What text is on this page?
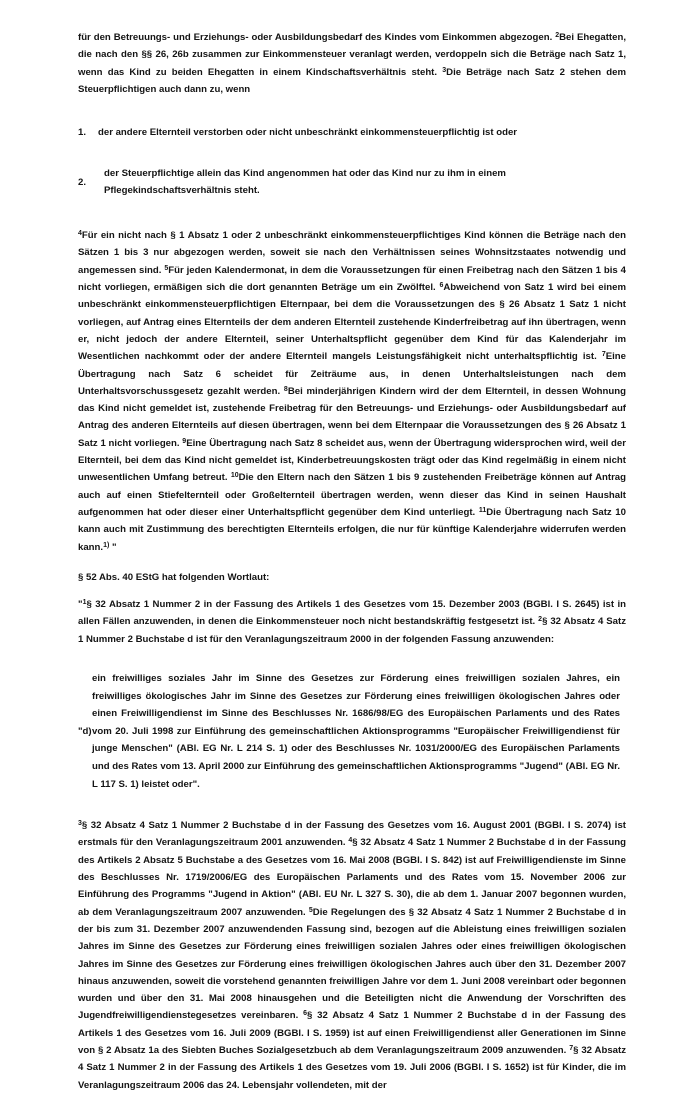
für den Betreuungs- und Erziehungs- oder Ausbildungsbedarf des Kindes vom Einkommen abgezogen. $^2$Bei Ehegatten, die nach den §§ 26, 26b zusammen zur Einkommensteuer veranlagt werden, verdoppeln sich die Beträge nach Satz 1, wenn das Kind zu beiden Ehegatten in einem Kindschaftsverhältnis steht. $^3$Die Beträge nach Satz 2 stehen dem Steuerpflichtigen auch dann zu, wenn

1.	der andere Elternteil verstorben oder nicht unbeschränkt einkommensteuerpflichtig ist oder
2.

der Steuerpflichtige allein das Kind angenommen hat oder das Kind nur zu ihm in einem Pflegekindschaftsverhältnis steht.

$^4$Für ein nicht nach § 1 Absatz 1 oder 2 unbeschränkt einkommensteuerpflichtiges Kind können die Beträge nach den Sätzen 1 bis 3 nur abgezogen werden, soweit sie nach den Verhältnissen seines Wohnsitzstaates notwendig und angemessen sind. $^5$Für jeden Kalendermonat, in dem die Voraussetzungen für einen Freibetrag nach den Sätzen 1 bis 4 nicht vorliegen, ermäßigen sich die dort genannten Beträge um ein Zwölftel. $^6$Abweichend von Satz 1 wird bei einem unbeschränkt einkommensteuerpflichtigen Elternpaar, bei dem die Voraussetzungen des § 26 Absatz 1 Satz 1 nicht vorliegen, auf Antrag eines Elternteils der dem anderen Elternteil zustehende Kinderfreibetrag auf ihn übertragen, wenn er, nicht jedoch der andere Elternteil, seiner Unterhaltspflicht gegenüber dem Kind für das Kalenderjahr im Wesentlichen nachkommt oder der andere Elternteil mangels Leistungsfähigkeit nicht unterhaltspflichtig ist. $^7$Eine Übertragung nach Satz 6 scheidet für Zeiträume aus, in denen Unterhaltsleistungen nach dem Unterhaltsvorschussgesetz gezahlt werden. $^8$Bei minderjährigen Kindern wird der dem Elternteil, in dessen Wohnung das Kind nicht gemeldet ist, zustehende Freibetrag für den Betreuungs- und Erziehungs- oder Ausbildungsbedarf auf Antrag des anderen Elternteils auf diesen übertragen, wenn bei dem Elternpaar die Voraussetzungen des § 26 Absatz 1 Satz 1 nicht vorliegen. $^9$Eine Übertragung nach Satz 8 scheidet aus, wenn der Übertragung widersprochen wird, weil der Elternteil, bei dem das Kind nicht gemeldet ist, Kinderbetreuungskosten trägt oder das Kind regelmäßig in einem nicht unwesentlichen Umfang betreut. $^{10}$Die den Eltern nach den Sätzen 1 bis 9 zustehenden Freibeträge können auf Antrag auch auf einen Stiefelternteil oder Großelternteil übertragen werden, wenn dieser das Kind in seinen Haushalt aufgenommen hat oder dieser einer Unterhaltspflicht gegenüber dem Kind unterliegt. $^{11}$Die Übertragung nach Satz 10 kann auch mit Zustimmung des berechtigten Elternteils erfolgen, die nur für künftige Kalenderjahre widerrufen werden kann.$^{1)}$ "

§ 52 Abs. 40 EStG hat folgenden Wortlaut:

"$^1$§ 32 Absatz 1 Nummer 2 in der Fassung des Artikels 1 des Gesetzes vom 15. Dezember 2003 (BGBl. I S. 2645) ist in allen Fällen anzuwenden, in denen die Einkommensteuer noch nicht bestandskräftig festgesetzt ist. $^2$§ 32 Absatz 4 Satz 1 Nummer 2 Buchstabe d ist für den Veranlagungszeitraum 2000 in der folgenden Fassung anzuwenden:

"d)

ein freiwilliges soziales Jahr im Sinne des Gesetzes zur Förderung eines freiwilligen sozialen Jahres, ein freiwilliges ökologisches Jahr im Sinne des Gesetzes zur Förderung eines freiwilligen ökologischen Jahres oder einen Freiwilligendienst im Sinne des Beschlusses Nr. 1686/98/EG des Europäischen Parlaments und des Rates vom 20. Juli 1998 zur Einführung des gemeinschaftlichen Aktionsprogramms "Europäischer Freiwilligendienst für junge Menschen" (ABl. EG Nr. L 214 S. 1) oder des Beschlusses Nr. 1031/2000/EG des Europäischen Parlaments und des Rates vom 13. April 2000 zur Einführung des gemeinschaftlichen Aktionsprogramms "Jugend" (ABl. EG Nr. L 117 S. 1) leistet oder".

$^3$§ 32 Absatz 4 Satz 1 Nummer 2 Buchstabe d in der Fassung des Gesetzes vom 16. August 2001 (BGBl. I S. 2074) ist erstmals für den Veranlagungszeitraum 2001 anzuwenden. $^4$§ 32 Absatz 4 Satz 1 Nummer 2 Buchstabe d in der Fassung des Artikels 2 Absatz 5 Buchstabe a des Gesetzes vom 16. Mai 2008 (BGBl. I S. 842) ist auf Freiwilligendienste im Sinne des Beschlusses Nr. 1719/2006/EG des Europäischen Parlaments und des Rates vom 15. November 2006 zur Einführung des Programms "Jugend in Aktion" (ABl. EU Nr. L 327 S. 30), die ab dem 1. Januar 2007 begonnen wurden, ab dem Veranlagungszeitraum 2007 anzuwenden. $^5$Die Regelungen des § 32 Absatz 4 Satz 1 Nummer 2 Buchstabe d in der bis zum 31. Dezember 2007 anzuwendenden Fassung sind, bezogen auf die Ableistung eines freiwilligen sozialen Jahres im Sinne des Gesetzes zur Förderung eines freiwilligen sozialen Jahres oder eines freiwilligen ökologischen Jahres im Sinne des Gesetzes zur Förderung eines freiwilligen ökologischen Jahres auch über den 31. Dezember 2007 hinaus anzuwenden, soweit die vorstehend genannten freiwilligen Jahre vor dem 1. Juni 2008 vereinbart oder begonnen wurden und über den 31. Mai 2008 hinausgehen und die Beteiligten nicht die Anwendung der Vorschriften des Jugendfreiwilligendienstegesetzes vereinbaren. $^6$§ 32 Absatz 4 Satz 1 Nummer 2 Buchstabe d in der Fassung des Artikels 1 des Gesetzes vom 16. Juli 2009 (BGBl. I S. 1959) ist auf einen Freiwilligendienst aller Generationen im Sinne von § 2 Absatz 1a des Siebten Buches Sozialgesetzbuch ab dem Veranlagungszeitraum 2009 anzuwenden. $^7$§ 32 Absatz 4 Satz 1 Nummer 2 in der Fassung des Artikels 1 des Gesetzes vom 19. Juli 2006 (BGBl. I S. 1652) ist für Kinder, die im Veranlagungszeitraum 2006 das 24. Lebensjahr vollendeten, mit der
